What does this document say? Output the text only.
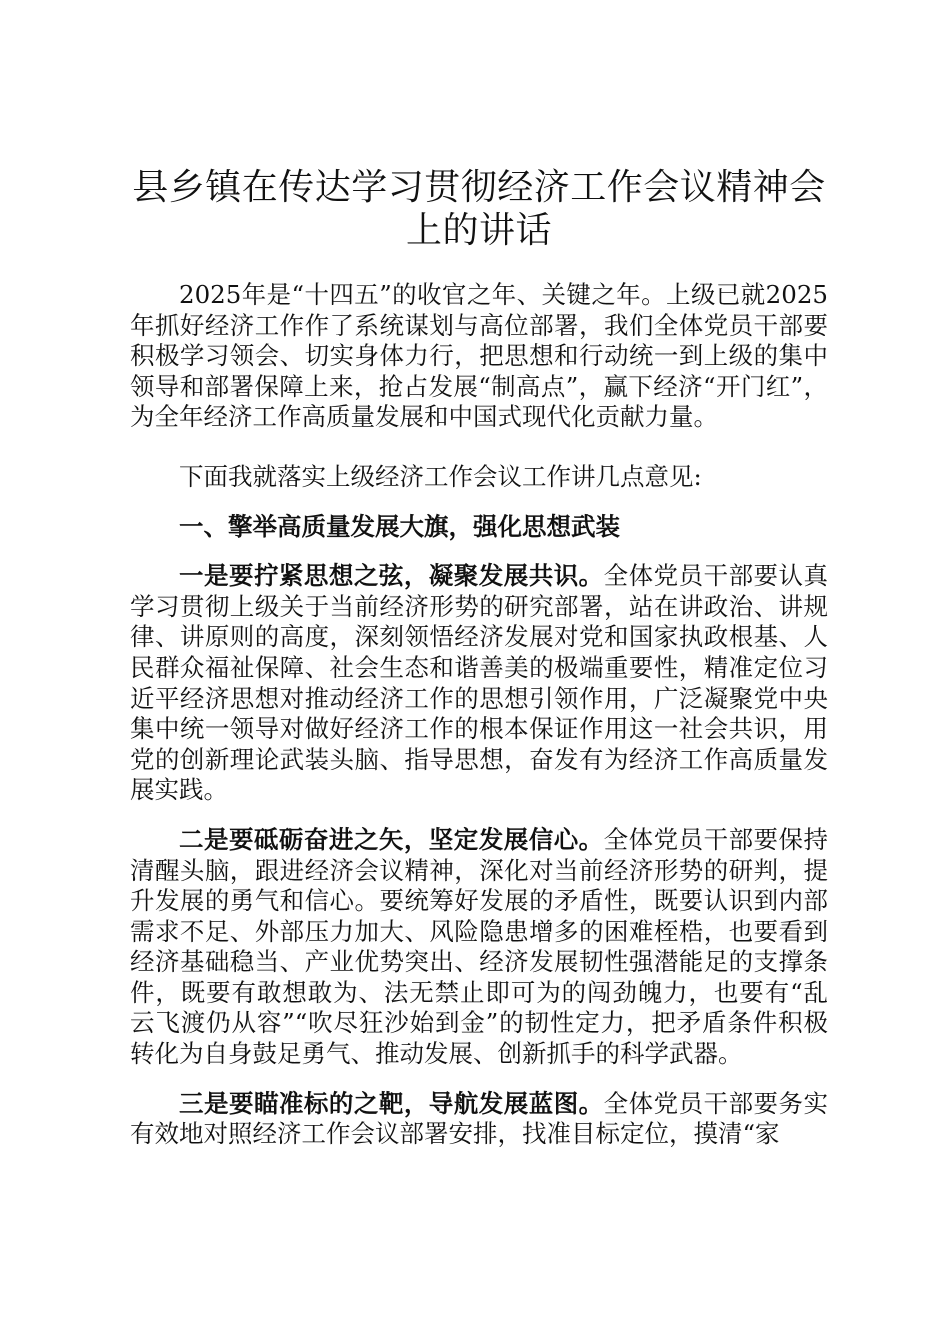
县乡镇在传达学习贯彻经济工作会议精神会上的讲话

2025年是“十四五”的收官之年、关键之年。上级已就2025年抓好经济工作作了系统谋划与高位部署，我们全体党员干部要积极学习领会、切实身体力行，把思想和行动统一到上级的集中领导和部署保障上来，抢占发展“制高点”，赢下经济“开门红”，为全年经济工作高质量发展和中国式现代化贡献力量。

下面我就落实上级经济工作会议工作讲几点意见:

一、擎举高质量发展大旗，强化思想武装

一是要拧紧思想之弦，凝聚发展共识。全体党员干部要认真学习贯彻上级关于当前经济形势的研究部署，站在讲政治、讲规律、讲原则的高度，深刻领悟经济发展对党和国家执政根基、人民群众福祉保障、社会生态和谐善美的极端重要性，精准定位习近平经济思想对推动经济工作的思想引领作用，广泛凝聚党中央集中统一领导对做好经济工作的根本保证作用这一社会共识，用党的创新理论武装头脑、指导思想，奋发有为经济工作高质量发展实践。

二是要砥砺奋进之矢，坚定发展信心。全体党员干部要保持清醒头脑，跟进经济会议精神，深化对当前经济形势的研判，提升发展的勇气和信心。要统筹好发展的矛盾性，既要认识到内部需求不足、外部压力加大、风险隐患增多的困难桎梏，也要看到经济基础稳当、产业优势突出、经济发展韧性强潜能足的支撑条件，既要有敢想敢为、法无禁止即可为的闯劲魄力，也要有“乱云飞渡仍从容”“吹尽狂沙始到金”的韧性定力，把矛盾条件积极转化为自身鼓足勇气、推动发展、创新抓手的科学武器。

三是要瞄准标的之靶，导航发展蓝图。全体党员干部要务实有效地对照经济工作会议部署安排，找准目标定位，摸清“家
